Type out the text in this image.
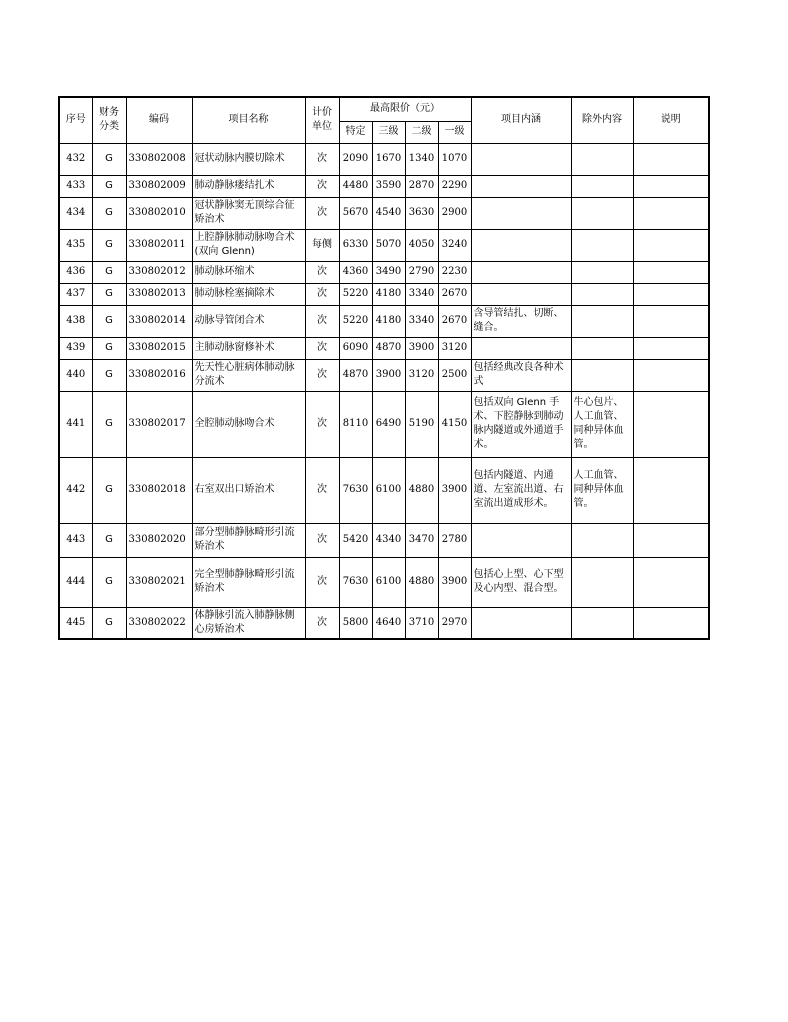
序号	财务分类	编码	项目名称	计价单位	最高限价（元）				项目内涵	除外内容	说明
					特定	三级	二级	一级			
432	G	330802008	冠状动脉内膜切除术	次	2090	1670	1340	1070			
433	G	330802009	肺动静脉瘘结扎术	次	4480	3590	2870	2290			
434	G	330802010	冠状静脉窦无顶综合征矫治术	次	5670	4540	3630	2900			
435	G	330802011	上腔静脉肺动脉吻合术(双向 Glenn)	每侧	6330	5070	4050	3240			
436	G	330802012	肺动脉环缩术	次	4360	3490	2790	2230			
437	G	330802013	肺动脉栓塞摘除术	次	5220	4180	3340	2670			
438	G	330802014	动脉导管闭合术	次	5220	4180	3340	2670	含导管结扎、切断、缝合。		
439	G	330802015	主肺动脉窗修补术	次	6090	4870	3900	3120			
440	G	330802016	先天性心脏病体肺动脉分流术	次	4870	3900	3120	2500	包括经典改良各种术式		
441	G	330802017	全腔肺动脉吻合术	次	8110	6490	5190	4150	包括双向 Glenn 手术、下腔静脉到肺动脉内隧道或外通道手术。	牛心包片、人工血管、同种异体血管。	
442	G	330802018	右室双出口矫治术	次	7630	6100	4880	3900	包括内隧道、内通道、左室流出道、右室流出道成形术。	人工血管、同种异体血管。	
443	G	330802020	部分型肺静脉畸形引流矫治术	次	5420	4340	3470	2780			
444	G	330802021	完全型肺静脉畸形引流矫治术	次	7630	6100	4880	3900	包括心上型、心下型及心内型、混合型。		
445	G	330802022	体静脉引流入肺静脉侧心房矫治术	次	5800	4640	3710	2970			
